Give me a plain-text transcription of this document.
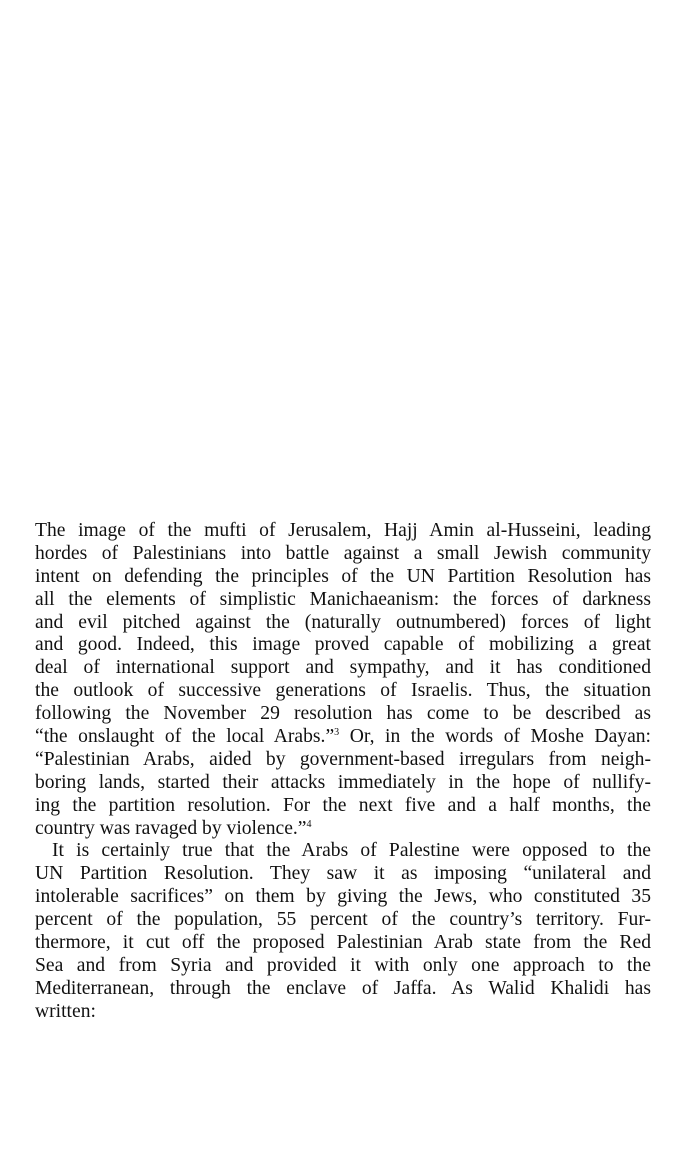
The image of the mufti of Jerusalem, Hajj Amin al-Husseini, leading
hordes of Palestinians into battle against a small Jewish community
intent on defending the principles of the UN Partition Resolution has
all the elements of simplistic Manichaeanism: the forces of darkness
and evil pitched against the (naturally outnumbered) forces of light
and good. Indeed, this image proved capable of mobilizing a great
deal of international support and sympathy, and it has conditioned
the outlook of successive generations of Israelis. Thus, the situation
following the November 29 resolution has come to be described as
“the onslaught of the local Arabs.”$^3$ Or, in the words of Moshe Dayan:
“Palestinian Arabs, aided by government-based irregulars from neigh-
boring lands, started their attacks immediately in the hope of nullify-
ing the partition resolution. For the next five and a half months, the
country was ravaged by violence.”$^4$
It is certainly true that the Arabs of Palestine were opposed to the
UN Partition Resolution. They saw it as imposing “unilateral and
intolerable sacrifices” on them by giving the Jews, who constituted 35
percent of the population, 55 percent of the country’s territory. Fur-
thermore, it cut off the proposed Palestinian Arab state from the Red
Sea and from Syria and provided it with only one approach to the
Mediterranean, through the enclave of Jaffa. As Walid Khalidi has
written:
